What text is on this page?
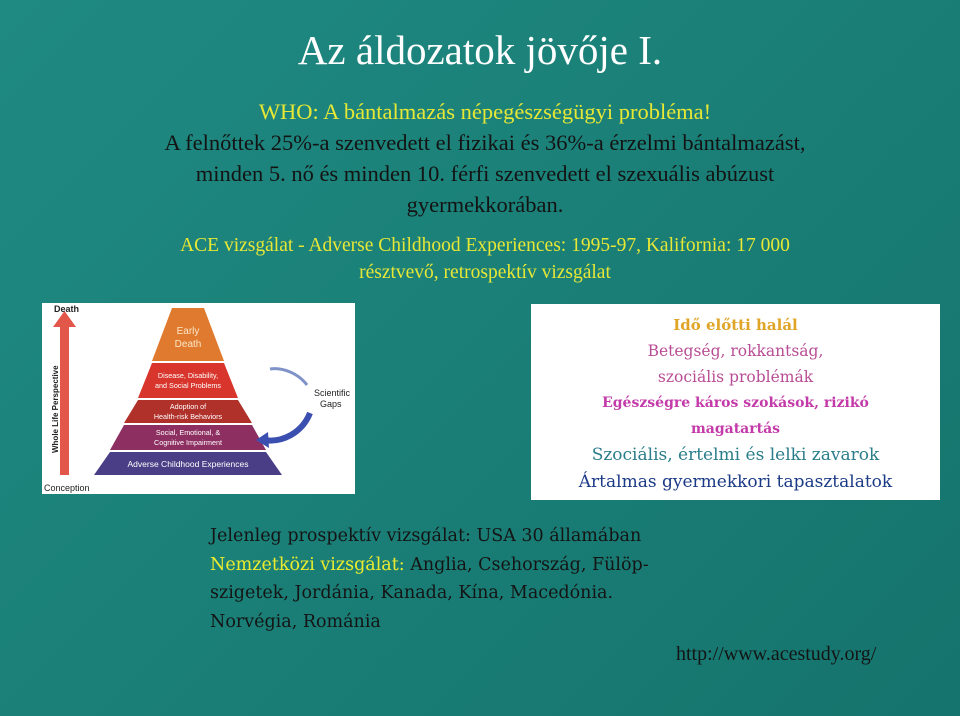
Az áldozatok jövője I.
WHO: A bántalmazás népegészségügyi probléma!
A felnőttek 25%-a szenvedett el fizikai és 36%-a érzelmi bántalmazást,
minden 5. nő és minden 10. férfi szenvedett el szexuális abúzust
gyermekkorában.
ACE vizsgálat - Adverse Childhood Experiences: 1995-97, Kalifornia: 17 000
résztvevő, retrospektív vizsgálat
Death
Conception
Whole Life Perspective
Early
Death
Disease, Disability,
and Social Problems
Adoption of
Health-risk Behaviors
Social, Emotional, &
Cognitive Impairment
Adverse Childhood Experiences
Scientific
Gaps
Idő előtti halál
Betegség, rokkantság,
szociális problémák
Egészségre káros szokások, rizikó
magatartás
Szociális, értelmi és lelki zavarok
Ártalmas gyermekkori tapasztalatok
Jelenleg prospektív vizsgálat: USA 30 államában
Nemzetközi vizsgálat: Anglia, Csehország, Fülöp-
szigetek, Jordánia, Kanada, Kína, Macedónia.
Norvégia, Románia
http://www.acestudy.org/
